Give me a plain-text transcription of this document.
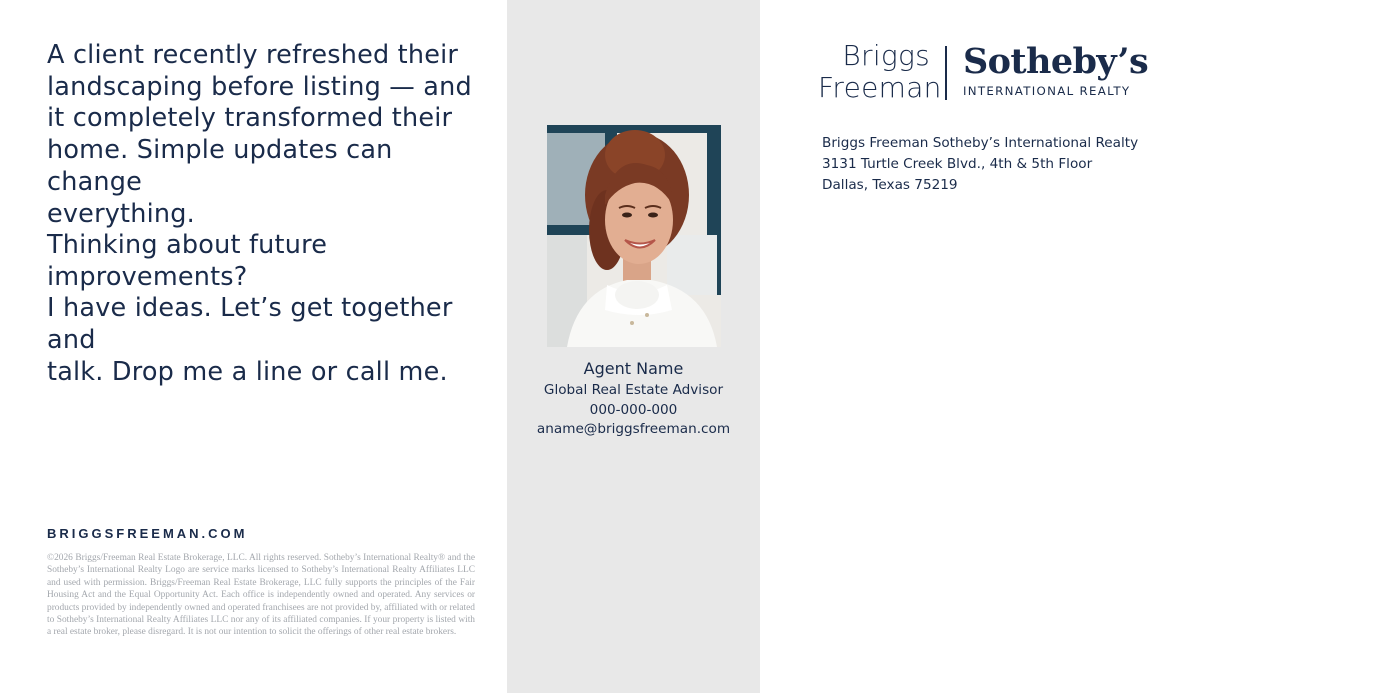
A client recently refreshed their
landscaping before listing — and
it completely transformed their
home. Simple updates can change
everything.

Thinking about future improvements?
I have ideas. Let’s get together and
talk. Drop me a line or call me.

BRIGGSFREEMAN.COM

©2026 Briggs/Freeman Real Estate Brokerage, LLC. All rights reserved. Sotheby’s International Realty® and the Sotheby’s International Realty Logo are service marks licensed to Sotheby’s International Realty Affiliates LLC and used with permission. Briggs/Freeman Real Estate Brokerage, LLC fully supports the principles of the Fair Housing Act and the Equal Opportunity Act. Each office is independently owned and operated. Any services or products provided by independently owned and operated franchisees are not provided by, affiliated with or related to Sotheby’s International Realty Affiliates LLC nor any of its affiliated companies. If your property is listed with a real estate broker, please disregard. It is not our intention to solicit the offerings of other real estate brokers.

Agent Name
Global Real Estate Advisor
000-000-000
aname@briggsfreeman.com
Briggs
Freeman
Sotheby’s
INTERNATIONAL REALTY
Briggs Freeman Sotheby’s International Realty
3131 Turtle Creek Blvd., 4th & 5th Floor
Dallas, Texas 75219
